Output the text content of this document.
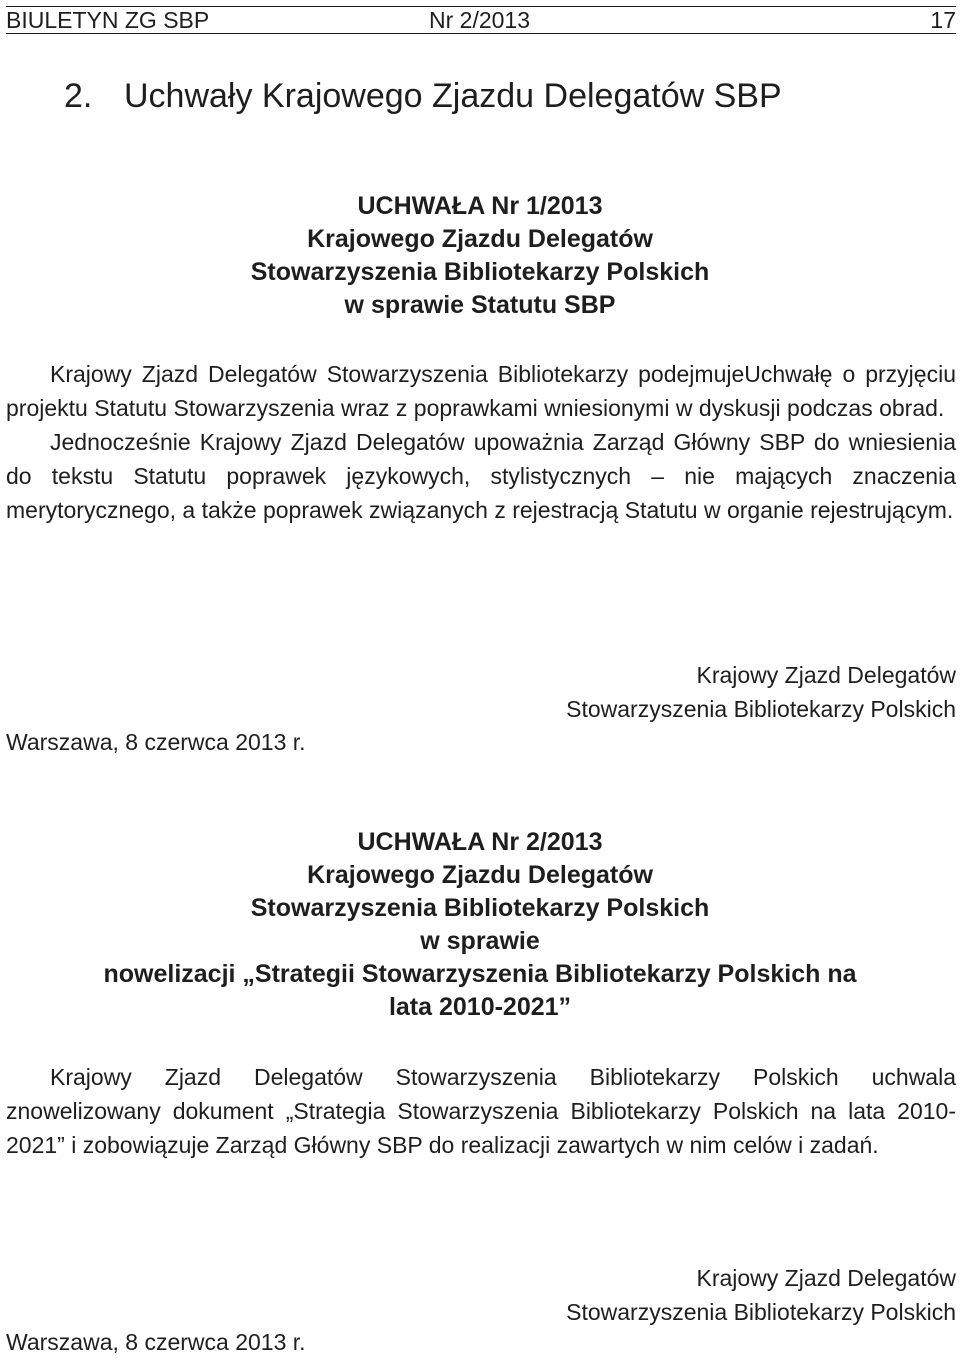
BIULETYN ZG SBP	Nr 2/2013	17
2. Uchwały Krajowego Zjazdu Delegatów SBP
UCHWAŁA Nr 1/2013
Krajowego Zjazdu Delegatów
Stowarzyszenia Bibliotekarzy Polskich
w sprawie Statutu SBP

Krajowy Zjazd Delegatów Stowarzyszenia Bibliotekarzy podejmujeUchwałę o przyjęciu projektu Statutu Stowarzyszenia wraz z poprawkami wniesionymi w dyskusji podczas obrad.

Jednocześnie Krajowy Zjazd Delegatów upoważnia Zarząd Główny SBP do wniesienia do tekstu Statutu poprawek językowych, stylistycznych – nie mających znaczenia merytorycznego, a także poprawek związanych z rejestracją Statutu w organie rejestrującym.

Krajowy Zjazd Delegatów
Stowarzyszenia Bibliotekarzy Polskich
Warszawa, 8 czerwca 2013 r.
UCHWAŁA Nr 2/2013
Krajowego Zjazdu Delegatów
Stowarzyszenia Bibliotekarzy Polskich
w sprawie
nowelizacji „Strategii Stowarzyszenia Bibliotekarzy Polskich na
lata 2010-2021”

Krajowy Zjazd Delegatów Stowarzyszenia Bibliotekarzy Polskich uchwala znowelizowany dokument „Strategia Stowarzyszenia Bibliotekarzy Polskich na lata 2010-2021” i zobowiązuje Zarząd Główny SBP do realizacji zawartych w nim celów i zadań.

Krajowy Zjazd Delegatów
Stowarzyszenia Bibliotekarzy Polskich
Warszawa, 8 czerwca 2013 r.
